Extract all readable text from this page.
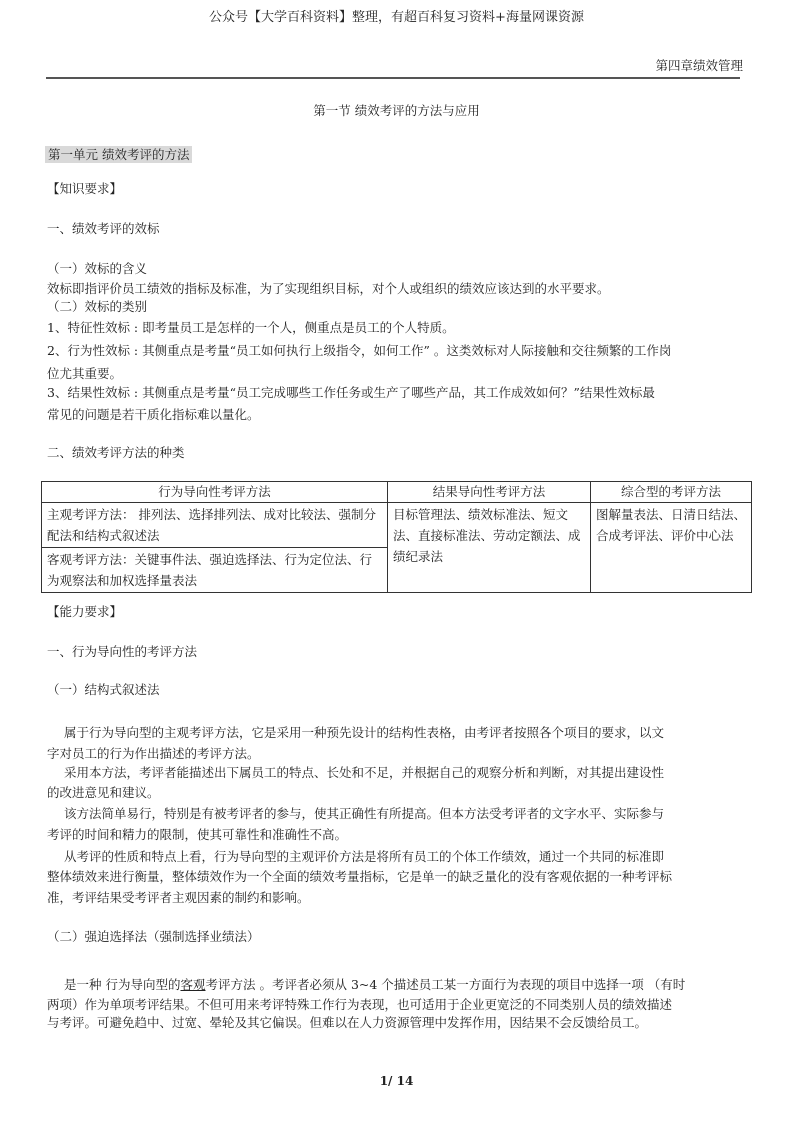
公众号【大学百科资料】整理，有超百科复习资料+海量网课资源
第四章绩效管理
第一节 绩效考评的方法与应用
第一单元 绩效考评的方法
【知识要求】
一、绩效考评的效标
（一）效标的含义
效标即指评价员工绩效的指标及标准，为了实现组织目标，对个人或组织的绩效应该达到的水平要求。
（二）效标的类别
1、特征性效标 : 即考量员工是怎样的一个人，侧重点是员工的个人特质。
2、行为性效标 : 其侧重点是考量“员工如何执行上级指令，如何工作” 。这类效标对人际接触和交往频繁的工作岗
位尤其重要。
3、结果性效标 : 其侧重点是考量“员工完成哪些工作任务或生产了哪些产品，其工作成效如何？”结果性效标最
常见的问题是若干质化指标难以量化。
二、绩效考评方法的种类
行为导向性考评方法	结果导向性考评方法	综合型的考评方法
主观考评方法： 排列法、选择排列法、成对比较法、强制分配法和结构式叙述法	目标管理法、绩效标准法、短文法、直接标准法、劳动定额法、成绩纪录法	图解量表法、日清日结法、合成考评法、评价中心法
客观考评方法：关键事件法、强迫选择法、行为定位法、行为观察法和加权选择量表法		
【能力要求】
一、行为导向性的考评方法
（一）结构式叙述法
属于行为导向型的主观考评方法，它是采用一种预先设计的结构性表格，由考评者按照各个项目的要求，以文
字对员工的行为作出描述的考评方法。
采用本方法，考评者能描述出下属员工的特点、长处和不足，并根据自己的观察分析和判断，对其提出建设性
的改进意见和建议。
该方法简单易行，特别是有被考评者的参与，使其正确性有所提高。但本方法受考评者的文字水平、实际参与
考评的时间和精力的限制，使其可靠性和准确性不高。
从考评的性质和特点上看，行为导向型的主观评价方法是将所有员工的个体工作绩效，通过一个共同的标准即
整体绩效来进行衡量，整体绩效作为一个全面的绩效考量指标，它是单一的缺乏量化的没有客观依据的一种考评标
准，考评结果受考评者主观因素的制约和影响。
（二）强迫选择法（强制选择业绩法）
是一种 行为导向型的客观考评方法 。考评者必须从 3~4 个描述员工某一方面行为表现的项目中选择一项 （有时
两项）作为单项考评结果。不但可用来考评特殊工作行为表现，也可适用于企业更宽泛的不同类别人员的绩效描述
与考评。可避免趋中、过宽、晕轮及其它偏误。但难以在人力资源管理中发挥作用，因结果不会反馈给员工。
1/ 14
